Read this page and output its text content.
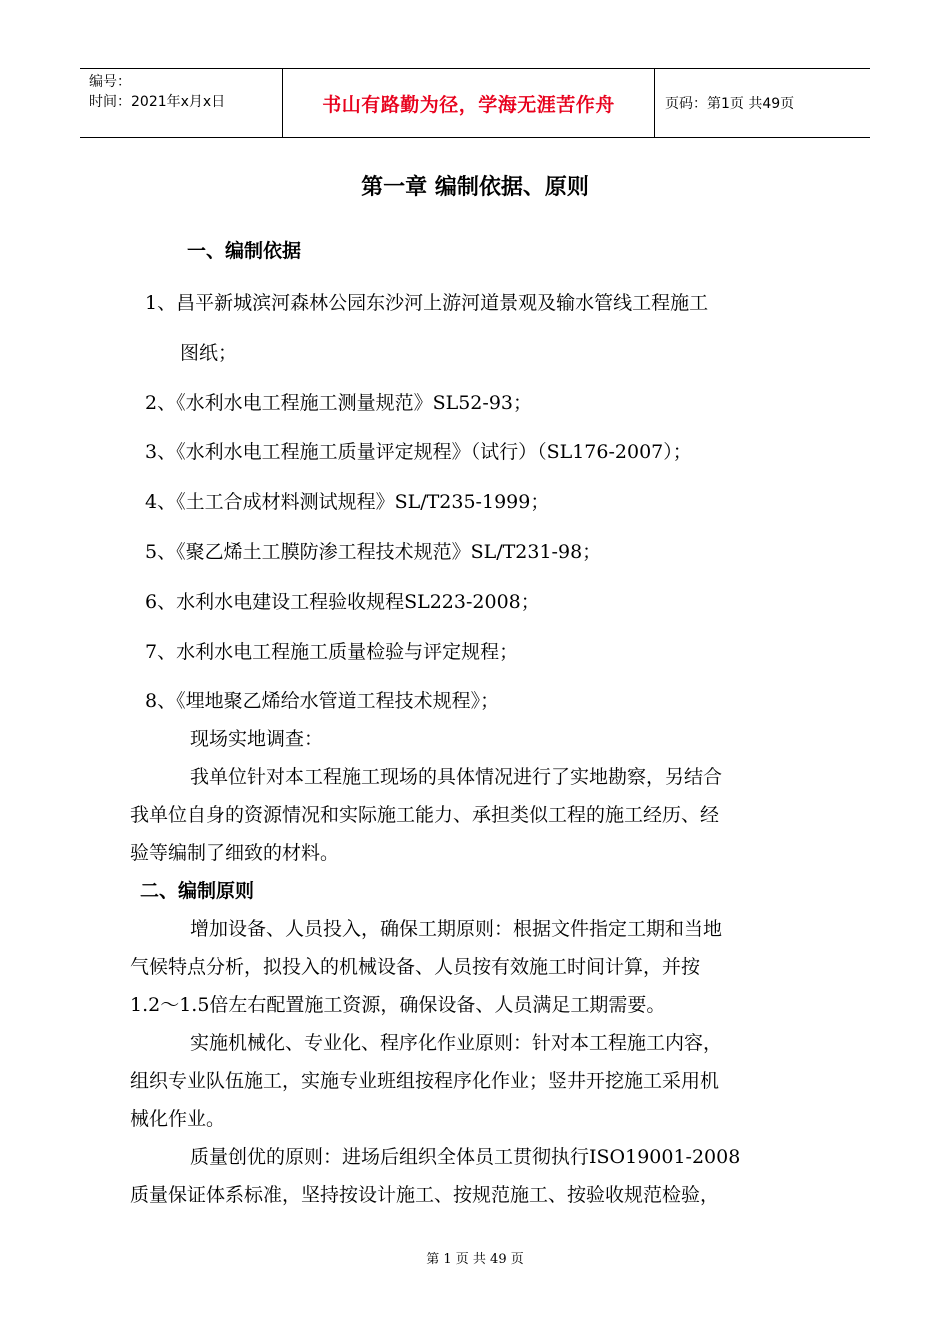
编号：
时间：2021年x月x日	书山有路勤为径，学海无涯苦作舟	页码：第1页 共49页
第一章 编制依据、原则
一、编制依据
1、昌平新城滨河森林公园东沙河上游河道景观及输水管线工程施工
图纸；
2、《水利水电工程施工测量规范》SL52-93；
3、《水利水电工程施工质量评定规程》（试行）（SL176-2007）；
4、《土工合成材料测试规程》SL/T235-1999；
5、《聚乙烯土工膜防渗工程技术规范》SL/T231-98；
6、水利水电建设工程验收规程SL223-2008；
7、水利水电工程施工质量检验与评定规程；
8、《埋地聚乙烯给水管道工程技术规程》；
现场实地调查：
我单位针对本工程施工现场的具体情况进行了实地勘察，另结合
我单位自身的资源情况和实际施工能力、承担类似工程的施工经历、经
验等编制了细致的材料。
二、编制原则
增加设备、人员投入，确保工期原则：根据文件指定工期和当地
气候特点分析，拟投入的机械设备、人员按有效施工时间计算，并按
1.2～1.5倍左右配置施工资源，确保设备、人员满足工期需要。
实施机械化、专业化、程序化作业原则：针对本工程施工内容，
组织专业队伍施工，实施专业班组按程序化作业；竖井开挖施工采用机
械化作业。
质量创优的原则：进场后组织全体员工贯彻执行ISO19001-2008
质量保证体系标准，坚持按设计施工、按规范施工、按验收规范检验，
第 1 页 共 49 页
